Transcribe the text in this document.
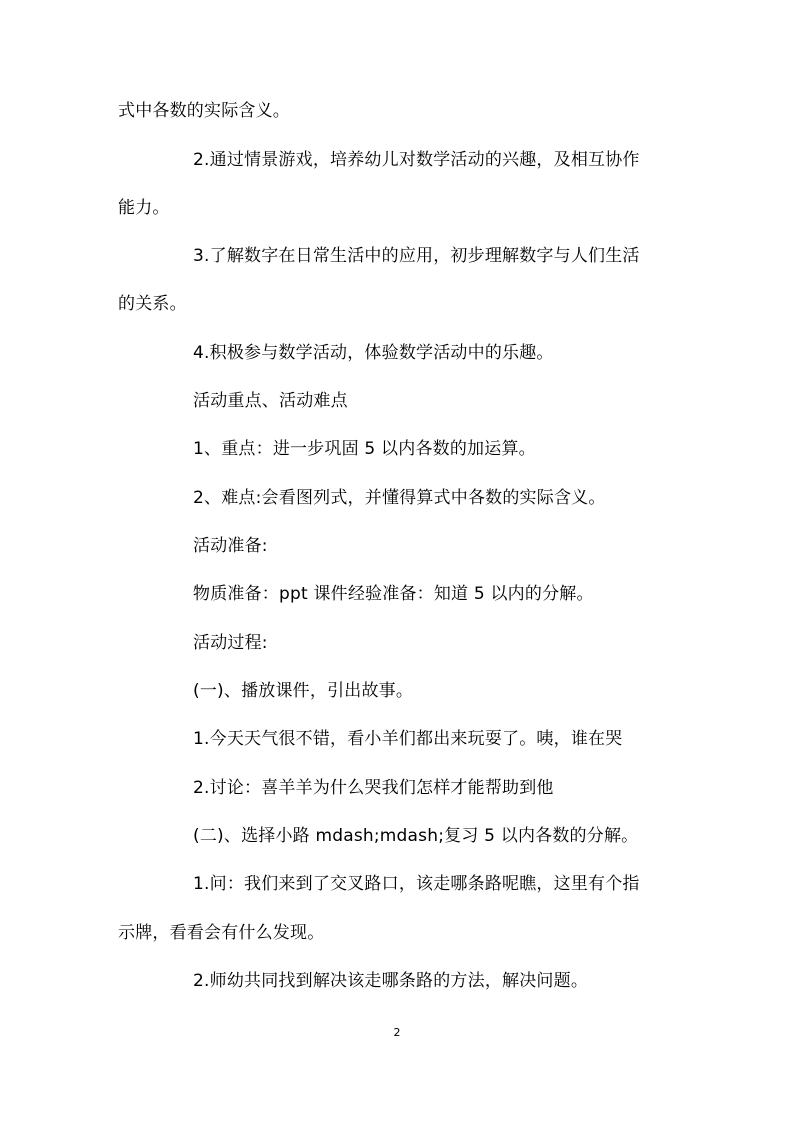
式中各数的实际含义。
2.通过情景游戏，培养幼儿对数学活动的兴趣，及相互协作
能力。
3.了解数字在日常生活中的应用，初步理解数字与人们生活
的关系。
4.积极参与数学活动，体验数学活动中的乐趣。
活动重点、活动难点
1、重点：进一步巩固 5 以内各数的加运算。
2、难点:会看图列式，并懂得算式中各数的实际含义。
活动准备:
物质准备：ppt 课件经验准备：知道 5 以内的分解。
活动过程:
(一)、播放课件，引出故事。
1.今天天气很不错，看小羊们都出来玩耍了。咦，谁在哭
2.讨论：喜羊羊为什么哭我们怎样才能帮助到他
(二)、选择小路 mdash;mdash;复习 5 以内各数的分解。
1.问：我们来到了交叉路口，该走哪条路呢瞧，这里有个指
示牌，看看会有什么发现。
2.师幼共同找到解决该走哪条路的方法，解决问题。
2
